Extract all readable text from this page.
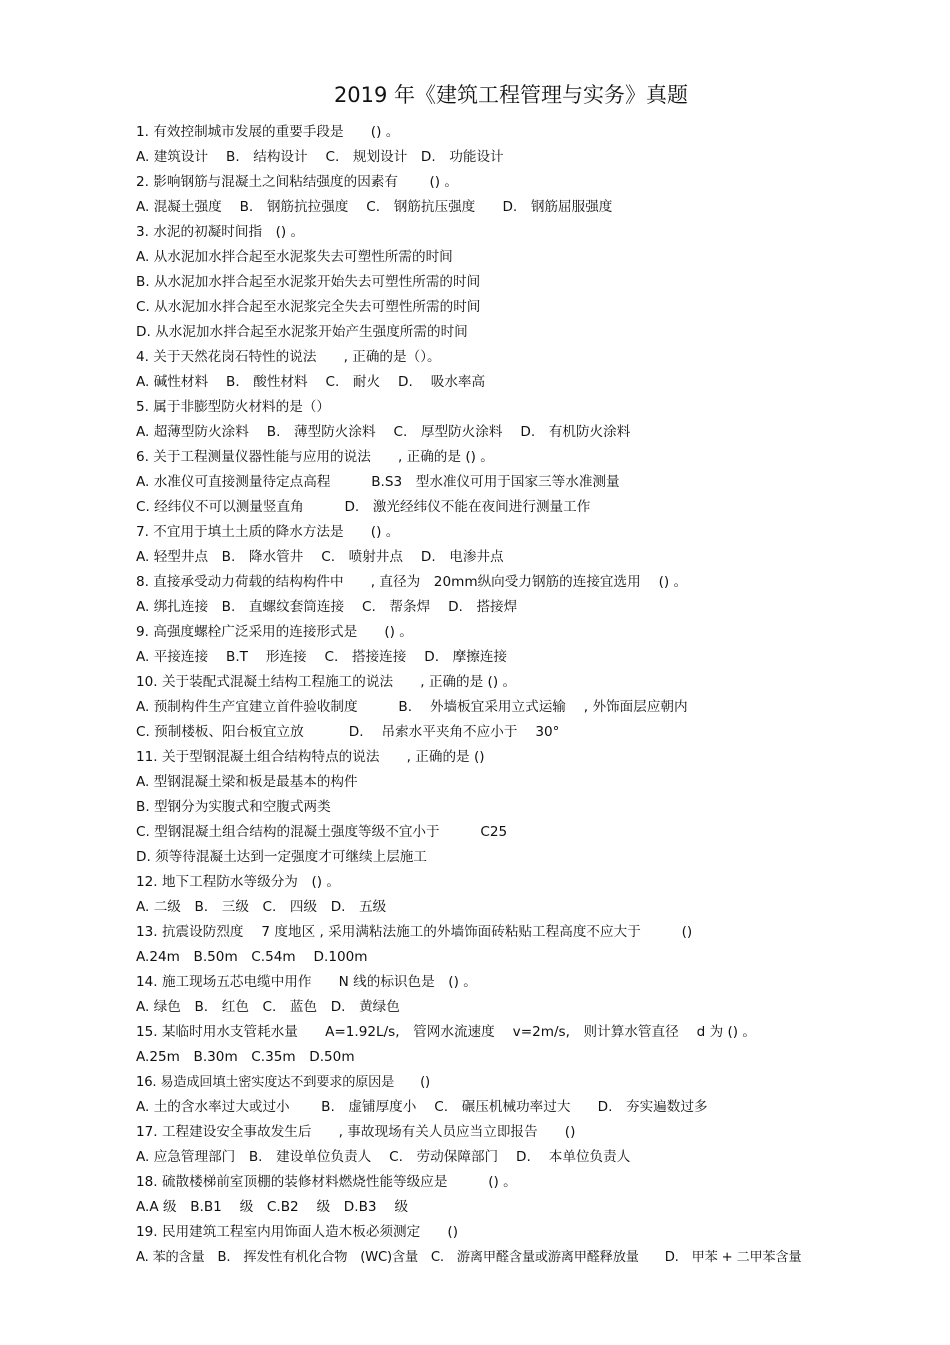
2019 年《建筑工程管理与实务》真题
1. 有效控制城市发展的重要手段是　　() 。
A. 建筑设计　 B.　结构设计　 C.　规划设计　D.　功能设计
2. 影响钢筋与混凝土之间粘结强度的因素有　　 () 。
A. 混凝土强度　 B.　钢筋抗拉强度　 C.　钢筋抗压强度　　D.　钢筋屈服强度
3. 水泥的初凝时间指　() 。
A. 从水泥加水拌合起至水泥浆失去可塑性所需的时间
B. 从水泥加水拌合起至水泥浆开始失去可塑性所需的时间
C. 从水泥加水拌合起至水泥浆完全失去可塑性所需的时间
D. 从水泥加水拌合起至水泥浆开始产生强度所需的时间
4. 关于天然花岗石特性的说法　　, 正确的是（）。
A. 碱性材料　 B.　酸性材料　 C.　耐火　 D.　 吸水率高
5. 属于非膨型防火材料的是（）
A. 超薄型防火涂料　 B.　薄型防火涂料　 C.　厚型防火涂料　 D.　有机防火涂料
6. 关于工程测量仪器性能与应用的说法　　, 正确的是 () 。
A. 水准仪可直接测量待定点高程　　　B.S3　型水准仪可用于国家三等水准测量
C. 经纬仪不可以测量竖直角　　　D.　激光经纬仪不能在夜间进行测量工作
7. 不宜用于填土土质的降水方法是　　() 。
A. 轻型井点　B.　降水管井　 C.　喷射井点　 D.　电渗井点
8. 直接承受动力荷载的结构构件中　　, 直径为　20mm纵向受力钢筋的连接宜选用　 () 。
A. 绑扎连接　B.　直螺纹套筒连接　 C.　帮条焊　 D.　搭接焊
9. 高强度螺栓广泛采用的连接形式是　　() 。
A. 平接连接　 B.T　 形连接　 C.　搭接连接　 D.　摩擦连接
10. 关于装配式混凝土结构工程施工的说法　　, 正确的是 () 。
A. 预制构件生产宜建立首件验收制度　　　B.　 外墙板宜采用立式运输　 , 外饰面层应朝内
C. 预制楼板、阳台板宜立放　　　 D.　 吊索水平夹角不应小于　 30°
11. 关于型钢混凝土组合结构特点的说法　　, 正确的是 ()
A. 型钢混凝土梁和板是最基本的构件
B. 型钢分为实腹式和空腹式两类
C. 型钢混凝土组合结构的混凝土强度等级不宜小于　　　C25
D. 须等待混凝土达到一定强度才可继续上层施工
12. 地下工程防水等级分为　() 。
A. 二级　B.　三级　C.　四级　D.　五级
13. 抗震设防烈度　 7 度地区 , 采用满粘法施工的外墙饰面砖粘贴工程高度不应大于　　　()
A.24m　B.50m　C.54m　 D.100m
14. 施工现场五芯电缆中用作　　N 线的标识色是　() 。
A. 绿色　B.　红色　C.　蓝色　D.　黄绿色
15. 某临时用水支管耗水量　　A=1.92L/s,　管网水流速度　 v=2m/s,　则计算水管直径　 d 为 () 。
A.25m　B.30m　C.35m　D.50m
16. 易造成回填土密实度达不到要求的原因是　　()
A. 土的含水率过大或过小　　 B.　虚铺厚度小　 C.　碾压机械功率过大　　D.　夯实遍数过多
17. 工程建设安全事故发生后　　, 事故现场有关人员应当立即报告　　()
A. 应急管理部门　B.　建设单位负责人　 C.　劳动保障部门　 D.　 本单位负责人
18. 硫散楼梯前室顶棚的装修材料燃烧性能等级应是　　　() 。
A.A 级　B.B1　 级　C.B2　 级　D.B3　 级
19. 民用建筑工程室内用饰面人造木板必须测定　　()
A. 苯的含量　B.　挥发性有机化合物　(WC)含量　C.　游离甲醛含量或游离甲醛释放量　　D.　甲苯 + 二甲苯含量
